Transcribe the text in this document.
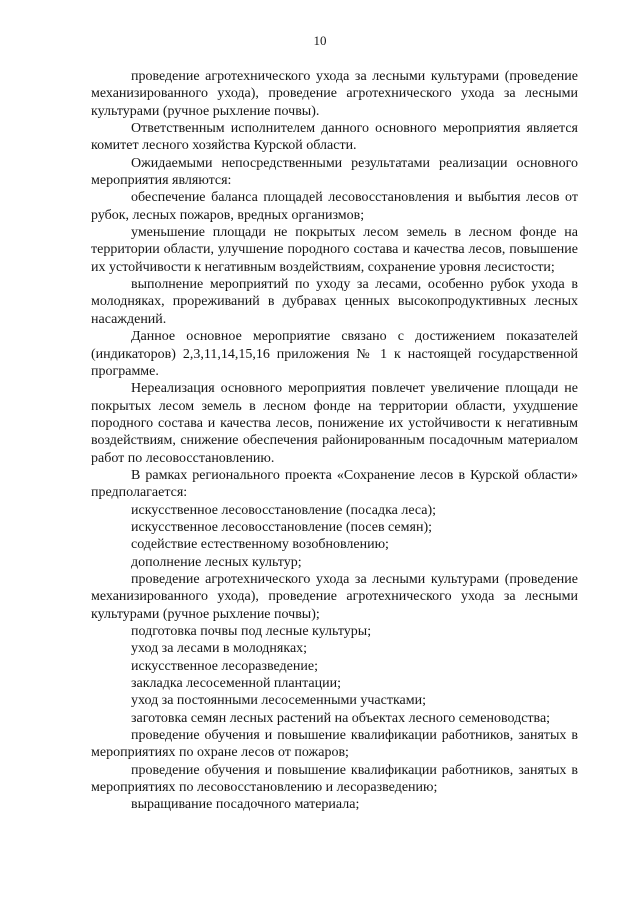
10

проведение агротехнического ухода за лесными культурами (проведение механизированного ухода), проведение агротехнического ухода за лесными культурами (ручное рыхление почвы).

Ответственным исполнителем данного основного мероприятия является комитет лесного хозяйства Курской области.

Ожидаемыми непосредственными результатами реализации основного мероприятия являются:

обеспечение баланса площадей лесовосстановления и выбытия лесов от рубок, лесных пожаров, вредных организмов;

уменьшение площади не покрытых лесом земель в лесном фонде на территории области, улучшение породного состава и качества лесов, повышение их устойчивости к негативным воздействиям, сохранение уровня лесистости;

выполнение мероприятий по уходу за лесами, особенно рубок ухода в молодняках, прореживаний в дубравах ценных высокопродуктивных лесных насаждений.

Данное основное мероприятие связано с достижением показателей (индикаторов) 2,3,11,14,15,16 приложения № 1 к настоящей государственной программе.

Нереализация основного мероприятия повлечет увеличение площади не покрытых лесом земель в лесном фонде на территории области, ухудшение породного состава и качества лесов, понижение их устойчивости к негативным воздействиям, снижение обеспечения районированным посадочным материалом работ по лесовосстановлению.

В рамках регионального проекта «Сохранение лесов в Курской области» предполагается:

искусственное лесовосстановление (посадка леса);

искусственное лесовосстановление (посев семян);

содействие естественному возобновлению;

дополнение лесных культур;

проведение агротехнического ухода за лесными культурами (проведение механизированного ухода), проведение агротехнического ухода за лесными культурами (ручное рыхление почвы);

подготовка почвы под лесные культуры;

уход за лесами в молодняках;

искусственное лесоразведение;

закладка лесосеменной плантации;

уход за постоянными лесосеменными участками;

заготовка семян лесных растений на объектах лесного семеноводства;

проведение обучения и повышение квалификации работников, занятых в мероприятиях по охране лесов от пожаров;

проведение обучения и повышение квалификации работников, занятых в мероприятиях по лесовосстановлению и лесоразведению;

выращивание посадочного материала;
